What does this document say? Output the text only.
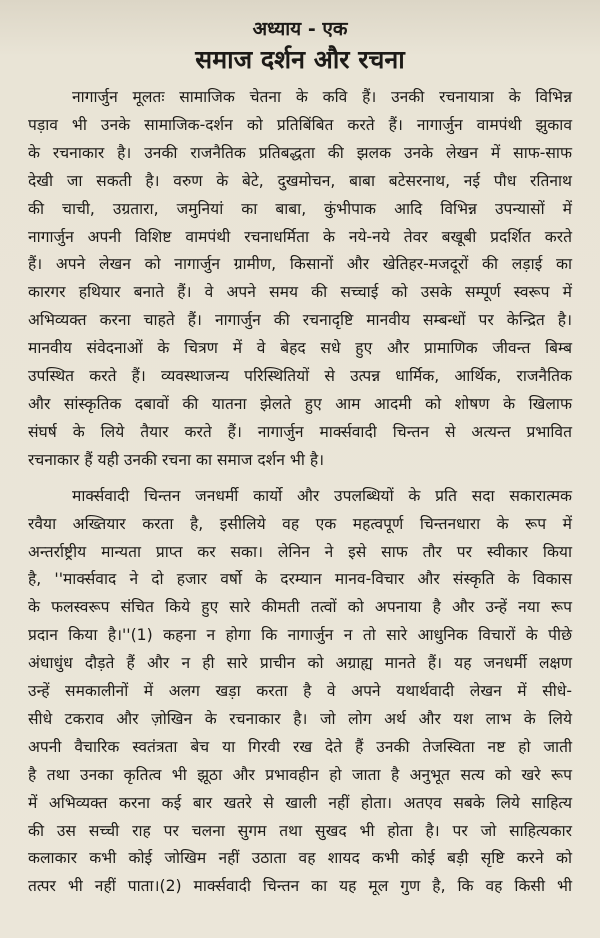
अध्याय - एक
समाज दर्शन और रचना

नागार्जुन मूलतः सामाजिक चेतना के कवि हैं। उनकी रचनायात्रा के विभिन्न

पड़ाव भी उनके सामाजिक-दर्शन को प्रतिबिंबित करते हैं। नागार्जुन वामपंथी झुकाव

के रचनाकार है। उनकी राजनैतिक प्रतिबद्धता की झलक उनके लेखन में साफ-साफ

देखी जा सकती है। वरुण के बेटे, दुखमोचन, बाबा बटेसरनाथ, नई पौध रतिनाथ

की चाची, उग्रतारा, जमुनियां का बाबा, कुंभीपाक आदि विभिन्न उपन्यासों में

नागार्जुन अपनी विशिष्ट वामपंथी रचनाधर्मिता के नये-नये तेवर बखूबी प्रदर्शित करते

हैं। अपने लेखन को नागार्जुन ग्रामीण, किसानों और खेतिहर-मजदूरों की लड़ाई का

कारगर हथियार बनाते हैं। वे अपने समय की सच्चाई को उसके सम्पूर्ण स्वरूप में

अभिव्यक्त करना चाहते हैं। नागार्जुन की रचनादृष्टि मानवीय सम्बन्धों पर केन्द्रित है।

मानवीय संवेदनाओं के चित्रण में वे बेहद सधे हुए और प्रामाणिक जीवन्त बिम्ब

उपस्थित करते हैं। व्यवस्थाजन्य परिस्थितियों से उत्पन्न धार्मिक, आर्थिक, राजनैतिक

और सांस्कृतिक दबावों की यातना झेलते हुए आम आदमी को शोषण के खिलाफ

संघर्ष के लिये तैयार करते हैं। नागार्जुन मार्क्सवादी चिन्तन से अत्यन्त प्रभावित

रचनाकार हैं यही उनकी रचना का समाज दर्शन भी है।

मार्क्सवादी चिन्तन जनधर्मी कार्यो और उपलब्धियों के प्रति सदा सकारात्मक

रवैया अख्तियार करता है, इसीलिये वह एक महत्वपूर्ण चिन्तनधारा के रूप में

अन्तर्राष्ट्रीय मान्यता प्राप्त कर सका। लेनिन ने इसे साफ तौर पर स्वीकार किया

है, ''मार्क्सवाद ने दो हजार वर्षो के दरम्यान मानव-विचार और संस्कृति के विकास

के फलस्वरूप संचित किये हुए सारे कीमती तत्वों को अपनाया है और उन्हें नया रूप

प्रदान किया है।''(1) कहना न होगा कि नागार्जुन न तो सारे आधुनिक विचारों के पीछे

अंधाधुंध दौड़ते हैं और न ही सारे प्राचीन को अग्राह्य मानते हैं। यह जनधर्मी लक्षण

उन्हें समकालीनों में अलग खड़ा करता है वे अपने यथार्थवादी लेखन में सीधे-

सीधे टकराव और ज़ोखिन के रचनाकार है। जो लोग अर्थ और यश लाभ के लिये

अपनी वैचारिक स्वतंत्रता बेच या गिरवी रख देते हैं उनकी तेजस्विता नष्ट हो जाती

है तथा उनका कृतित्व भी झूठा और प्रभावहीन हो जाता है अनुभूत सत्य को खरे रूप

में अभिव्यक्त करना कई बार खतरे से खाली नहीं होता। अतएव सबके लिये साहित्य

की उस सच्ची राह पर चलना सुगम तथा सुखद भी होता है। पर जो साहित्यकार

कलाकार कभी कोई जोखिम नहीं उठाता वह शायद कभी कोई बड़ी सृष्टि करने को

तत्पर भी नहीं पाता।(2) मार्क्सवादी चिन्तन का यह मूल गुण है, कि वह किसी भी
